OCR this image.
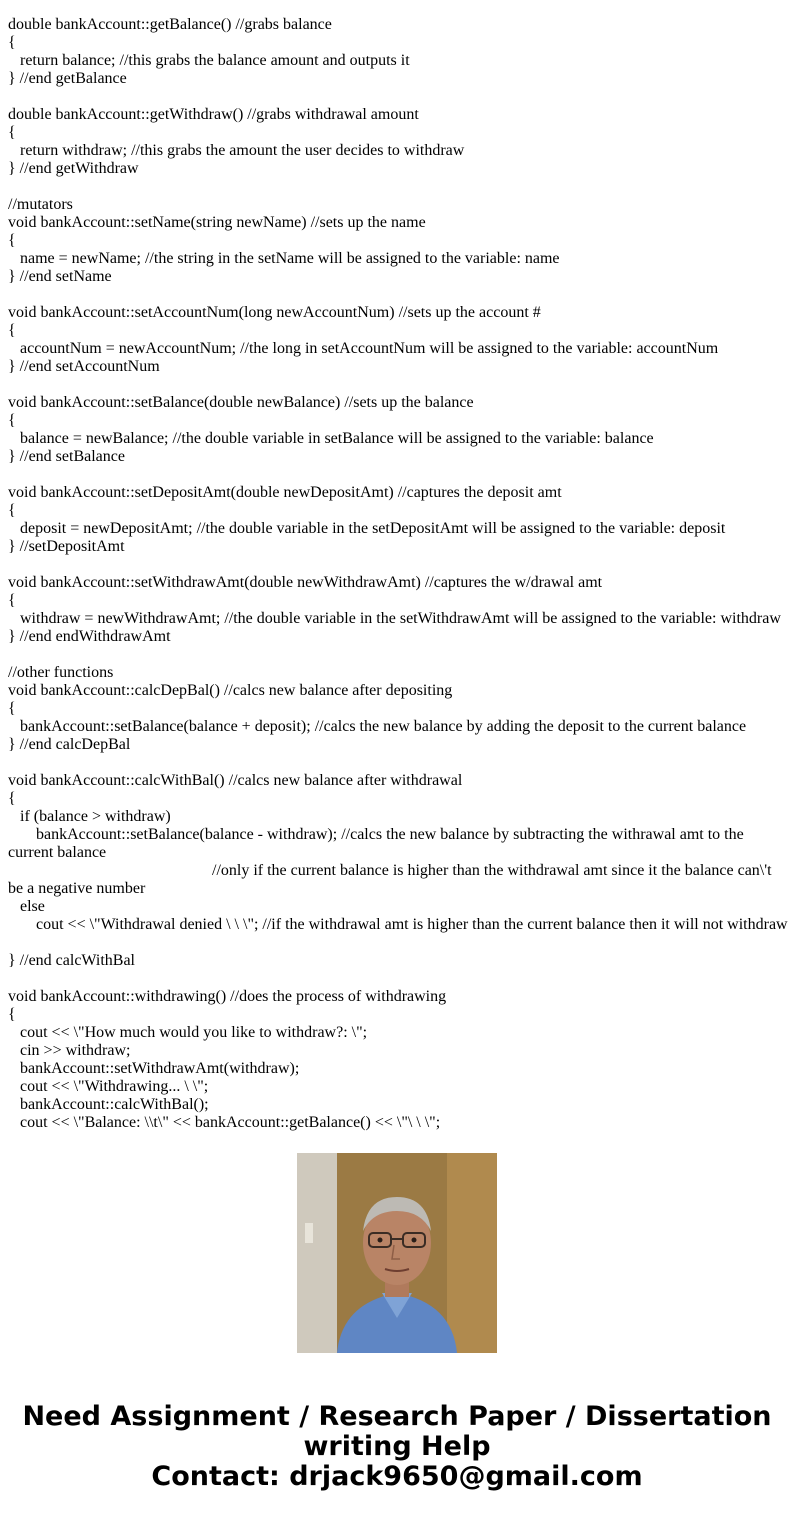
double bankAccount::getBalance() //grabs balance
{
return balance; //this grabs the balance amount and outputs it
} //end getBalance
double bankAccount::getWithdraw() //grabs withdrawal amount
{
return withdraw; //this grabs the amount the user decides to withdraw
} //end getWithdraw
//mutators
void bankAccount::setName(string newName) //sets up the name
{
name = newName; //the string in the setName will be assigned to the variable: name
} //end setName
void bankAccount::setAccountNum(long newAccountNum) //sets up the account #
{
accountNum = newAccountNum; //the long in setAccountNum will be assigned to the variable: accountNum
} //end setAccountNum
void bankAccount::setBalance(double newBalance) //sets up the balance
{
balance = newBalance; //the double variable in setBalance will be assigned to the variable: balance
} //end setBalance
void bankAccount::setDepositAmt(double newDepositAmt) //captures the deposit amt
{
deposit = newDepositAmt; //the double variable in the setDepositAmt will be assigned to the variable: deposit
} //setDepositAmt
void bankAccount::setWithdrawAmt(double newWithdrawAmt) //captures the w/drawal amt
{
withdraw = newWithdrawAmt; //the double variable in the setWithdrawAmt will be assigned to the variable: withdraw
} //end endWithdrawAmt
//other functions
void bankAccount::calcDepBal() //calcs new balance after depositing
{
bankAccount::setBalance(balance + deposit); //calcs the new balance by adding the deposit to the current balance
} //end calcDepBal
void bankAccount::calcWithBal() //calcs new balance after withdrawal
{
if (balance > withdraw)
bankAccount::setBalance(balance - withdraw); //calcs the new balance by subtracting the withrawal amt to the current balance
//only if the current balance is higher than the withdrawal amt since it the balance can\'t be a negative number
else
cout << \"Withdrawal denied \ \ \"; //if the withdrawal amt is higher than the current balance then it will not withdraw
} //end calcWithBal
void bankAccount::withdrawing() //does the process of withdrawing
{
cout << \"How much would you like to withdraw?: \";
cin >> withdraw;
bankAccount::setWithdrawAmt(withdraw);
cout << \"Withdrawing... \ \";
bankAccount::calcWithBal();
cout << \"Balance: \\t\" << bankAccount::getBalance() << \"\ \ \";
Need Assignment / Research Paper / Dissertation
writing Help
Contact: drjack9650@gmail.com
